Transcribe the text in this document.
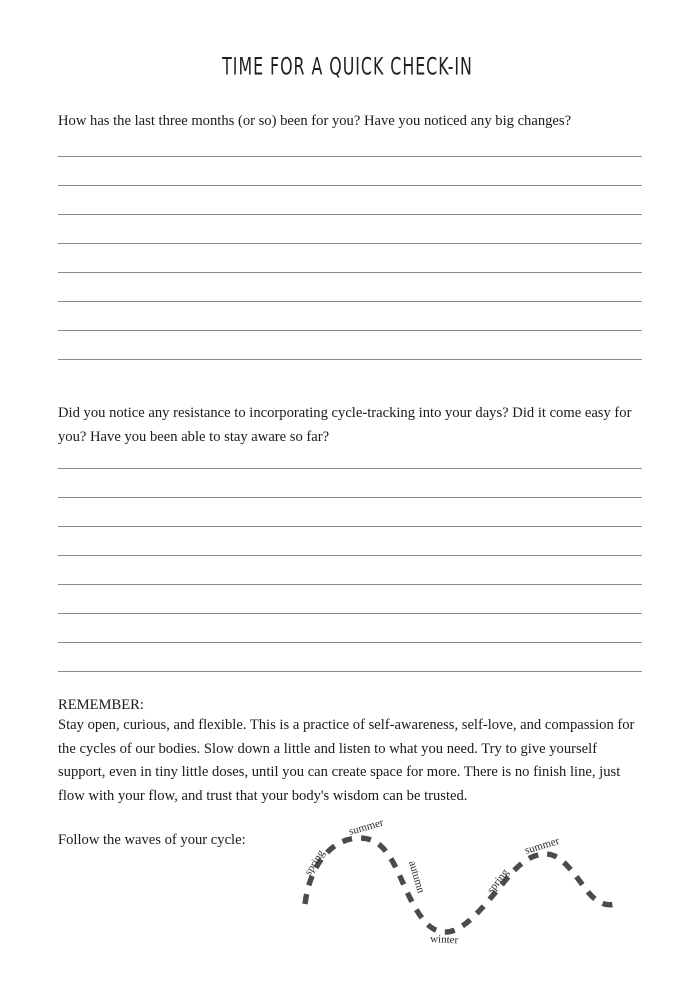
TIME FOR A QUICK CHECK-IN
How has the last three months (or so) been for you? Have you noticed any big changes?
Did you notice any resistance to incorporating cycle-tracking into your days? Did it come easy for you? Have you been able to stay aware so far?
REMEMBER:
Stay open, curious, and flexible. This is a practice of self-awareness, self-love, and compassion for the cycles of our bodies. Slow down a little and listen to what you need. Try to give yourself support, even in tiny little doses, until you can create space for more. There is no finish line, just flow with your flow, and trust that your body's wisdom can be trusted.
Follow the waves of your cycle:
spring
summer
autumn
winter
spring
summer
